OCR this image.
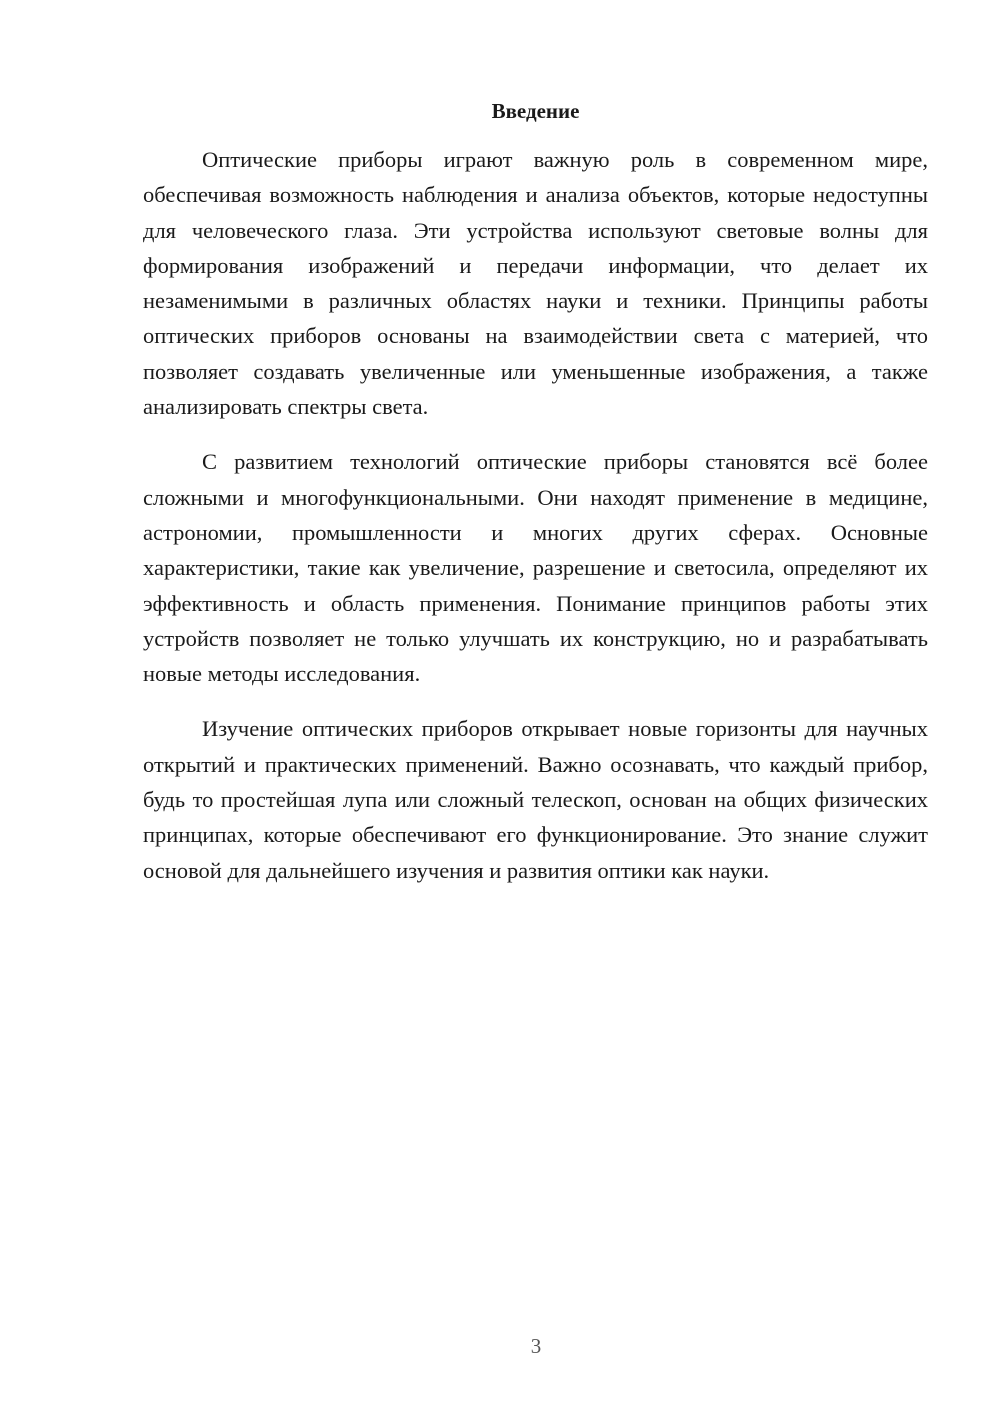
Введение

Оптические приборы играют важную роль в современном мире, обеспечивая возможность наблюдения и анализа объектов, которые недоступны для человеческого глаза. Эти устройства используют световые волны для формирования изображений и передачи информации, что делает их незаменимыми в различных областях науки и техники. Принципы работы оптических приборов основаны на взаимодействии света с материей, что позволяет создавать увеличенные или уменьшенные изображения, а также анализировать спектры света.

С развитием технологий оптические приборы становятся всё более сложными и многофункциональными. Они находят применение в медицине, астрономии, промышленности и многих других сферах. Основные характеристики, такие как увеличение, разрешение и светосила, определяют их эффективность и область применения. Понимание принципов работы этих устройств позволяет не только улучшать их конструкцию, но и разрабатывать новые методы исследования.

Изучение оптических приборов открывает новые горизонты для научных открытий и практических применений. Важно осознавать, что каждый прибор, будь то простейшая лупа или сложный телескоп, основан на общих физических принципах, которые обеспечивают его функционирование. Это знание служит основой для дальнейшего изучения и развития оптики как науки.

3
